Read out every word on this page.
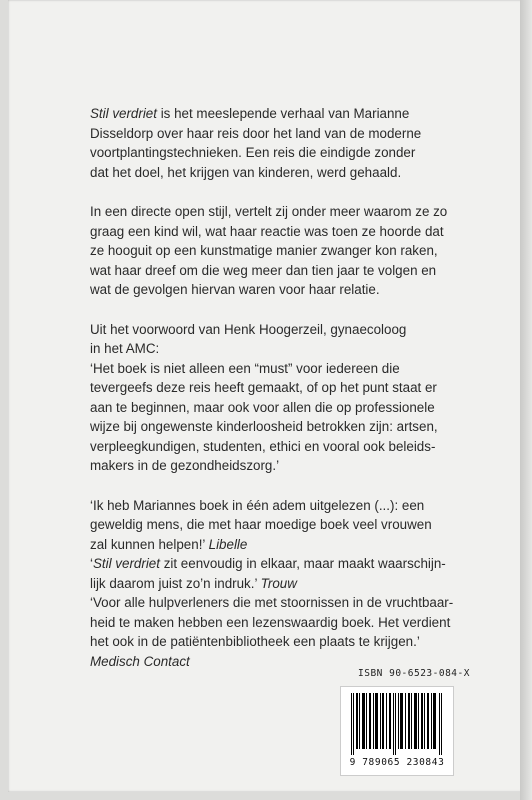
Stil verdriet is het meeslepende verhaal van Marianne
Disseldorp over haar reis door het land van de moderne
voortplantingstechnieken. Een reis die eindigde zonder
dat het doel, het krijgen van kinderen, werd gehaald.
In een directe open stijl, vertelt zij onder meer waarom ze zo
graag een kind wil, wat haar reactie was toen ze hoorde dat
ze hooguit op een kunstmatige manier zwanger kon raken,
wat haar dreef om die weg meer dan tien jaar te volgen en
wat de gevolgen hiervan waren voor haar relatie.
Uit het voorwoord van Henk Hoogerzeil, gynaecoloog
in het AMC:
‘Het boek is niet alleen een “must” voor iedereen die
tevergeefs deze reis heeft gemaakt, of op het punt staat er
aan te beginnen, maar ook voor allen die op professionele
wijze bij ongewenste kinderloosheid betrokken zijn: artsen,
verpleegkundigen, studenten, ethici en vooral ook beleids-
makers in de gezondheidszorg.’
‘Ik heb Mariannes boek in één adem uitgelezen (...): een
geweldig mens, die met haar moedige boek veel vrouwen
zal kunnen helpen!’ Libelle
‘Stil verdriet zit eenvoudig in elkaar, maar maakt waarschijn-
lijk daarom juist zo’n indruk.’ Trouw
‘Voor alle hulpverleners die met stoornissen in de vruchtbaar-
heid te maken hebben een lezenswaardig boek. Het verdient
het ook in de patiëntenbibliotheek een plaats te krijgen.’
Medisch Contact
ISBN 90-6523-084-X
9 789065 230843
